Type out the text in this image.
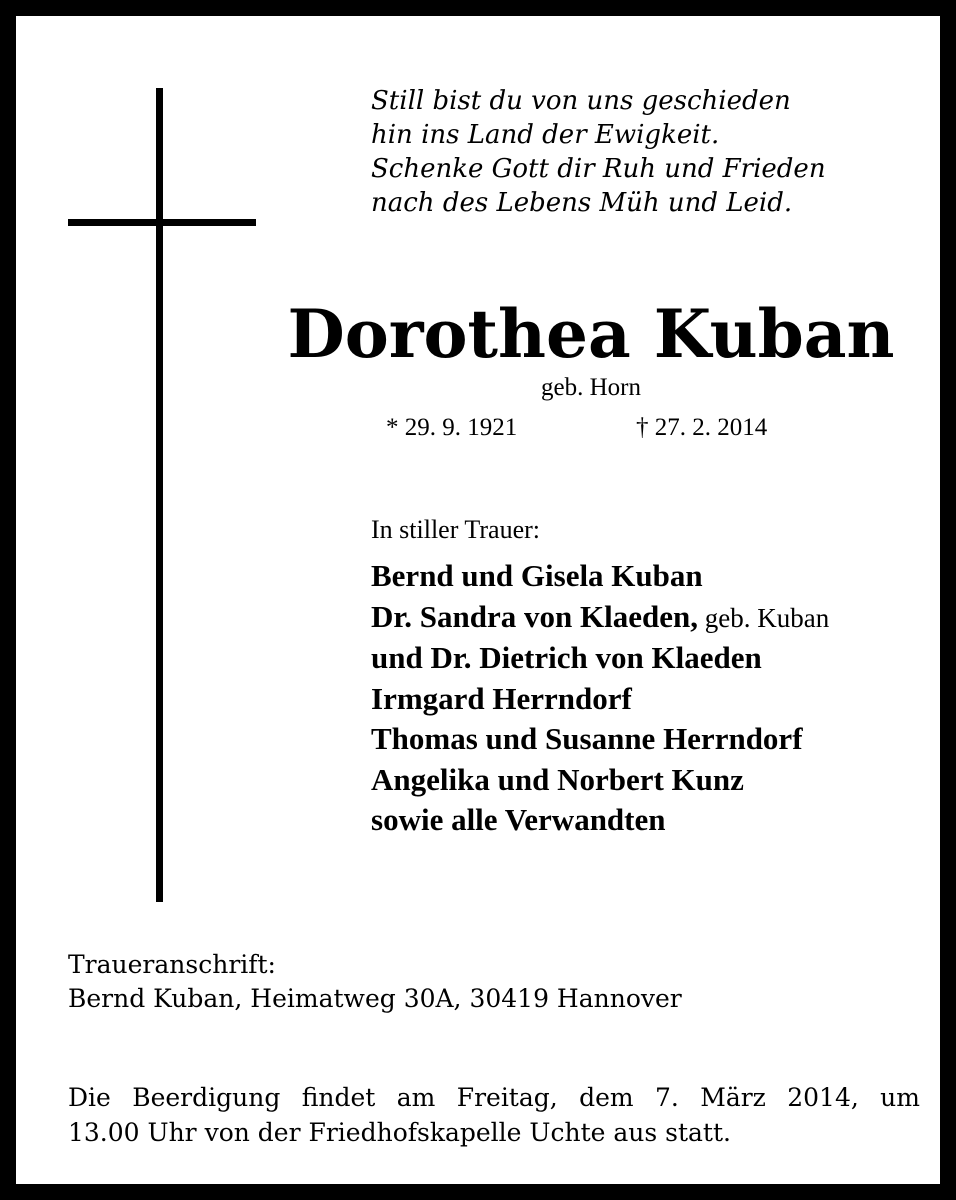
Still bist du von uns geschieden
hin ins Land der Ewigkeit.
Schenke Gott dir Ruh und Frieden
nach des Lebens Müh und Leid.
Dorothea Kuban
geb. Horn
* 29. 9. 1921	† 27. 2. 2014
In stiller Trauer:
Bernd und Gisela Kuban
Dr. Sandra von Klaeden, geb. Kuban
und Dr. Dietrich von Klaeden
Irmgard Herrndorf
Thomas und Susanne Herrndorf
Angelika und Norbert Kunz
sowie alle Verwandten
Traueranschrift:
Bernd Kuban, Heimatweg 30A, 30419 Hannover
Die Beerdigung findet am Freitag, dem 7. März 2014, um
13.00 Uhr von der Friedhofskapelle Uchte aus statt.
